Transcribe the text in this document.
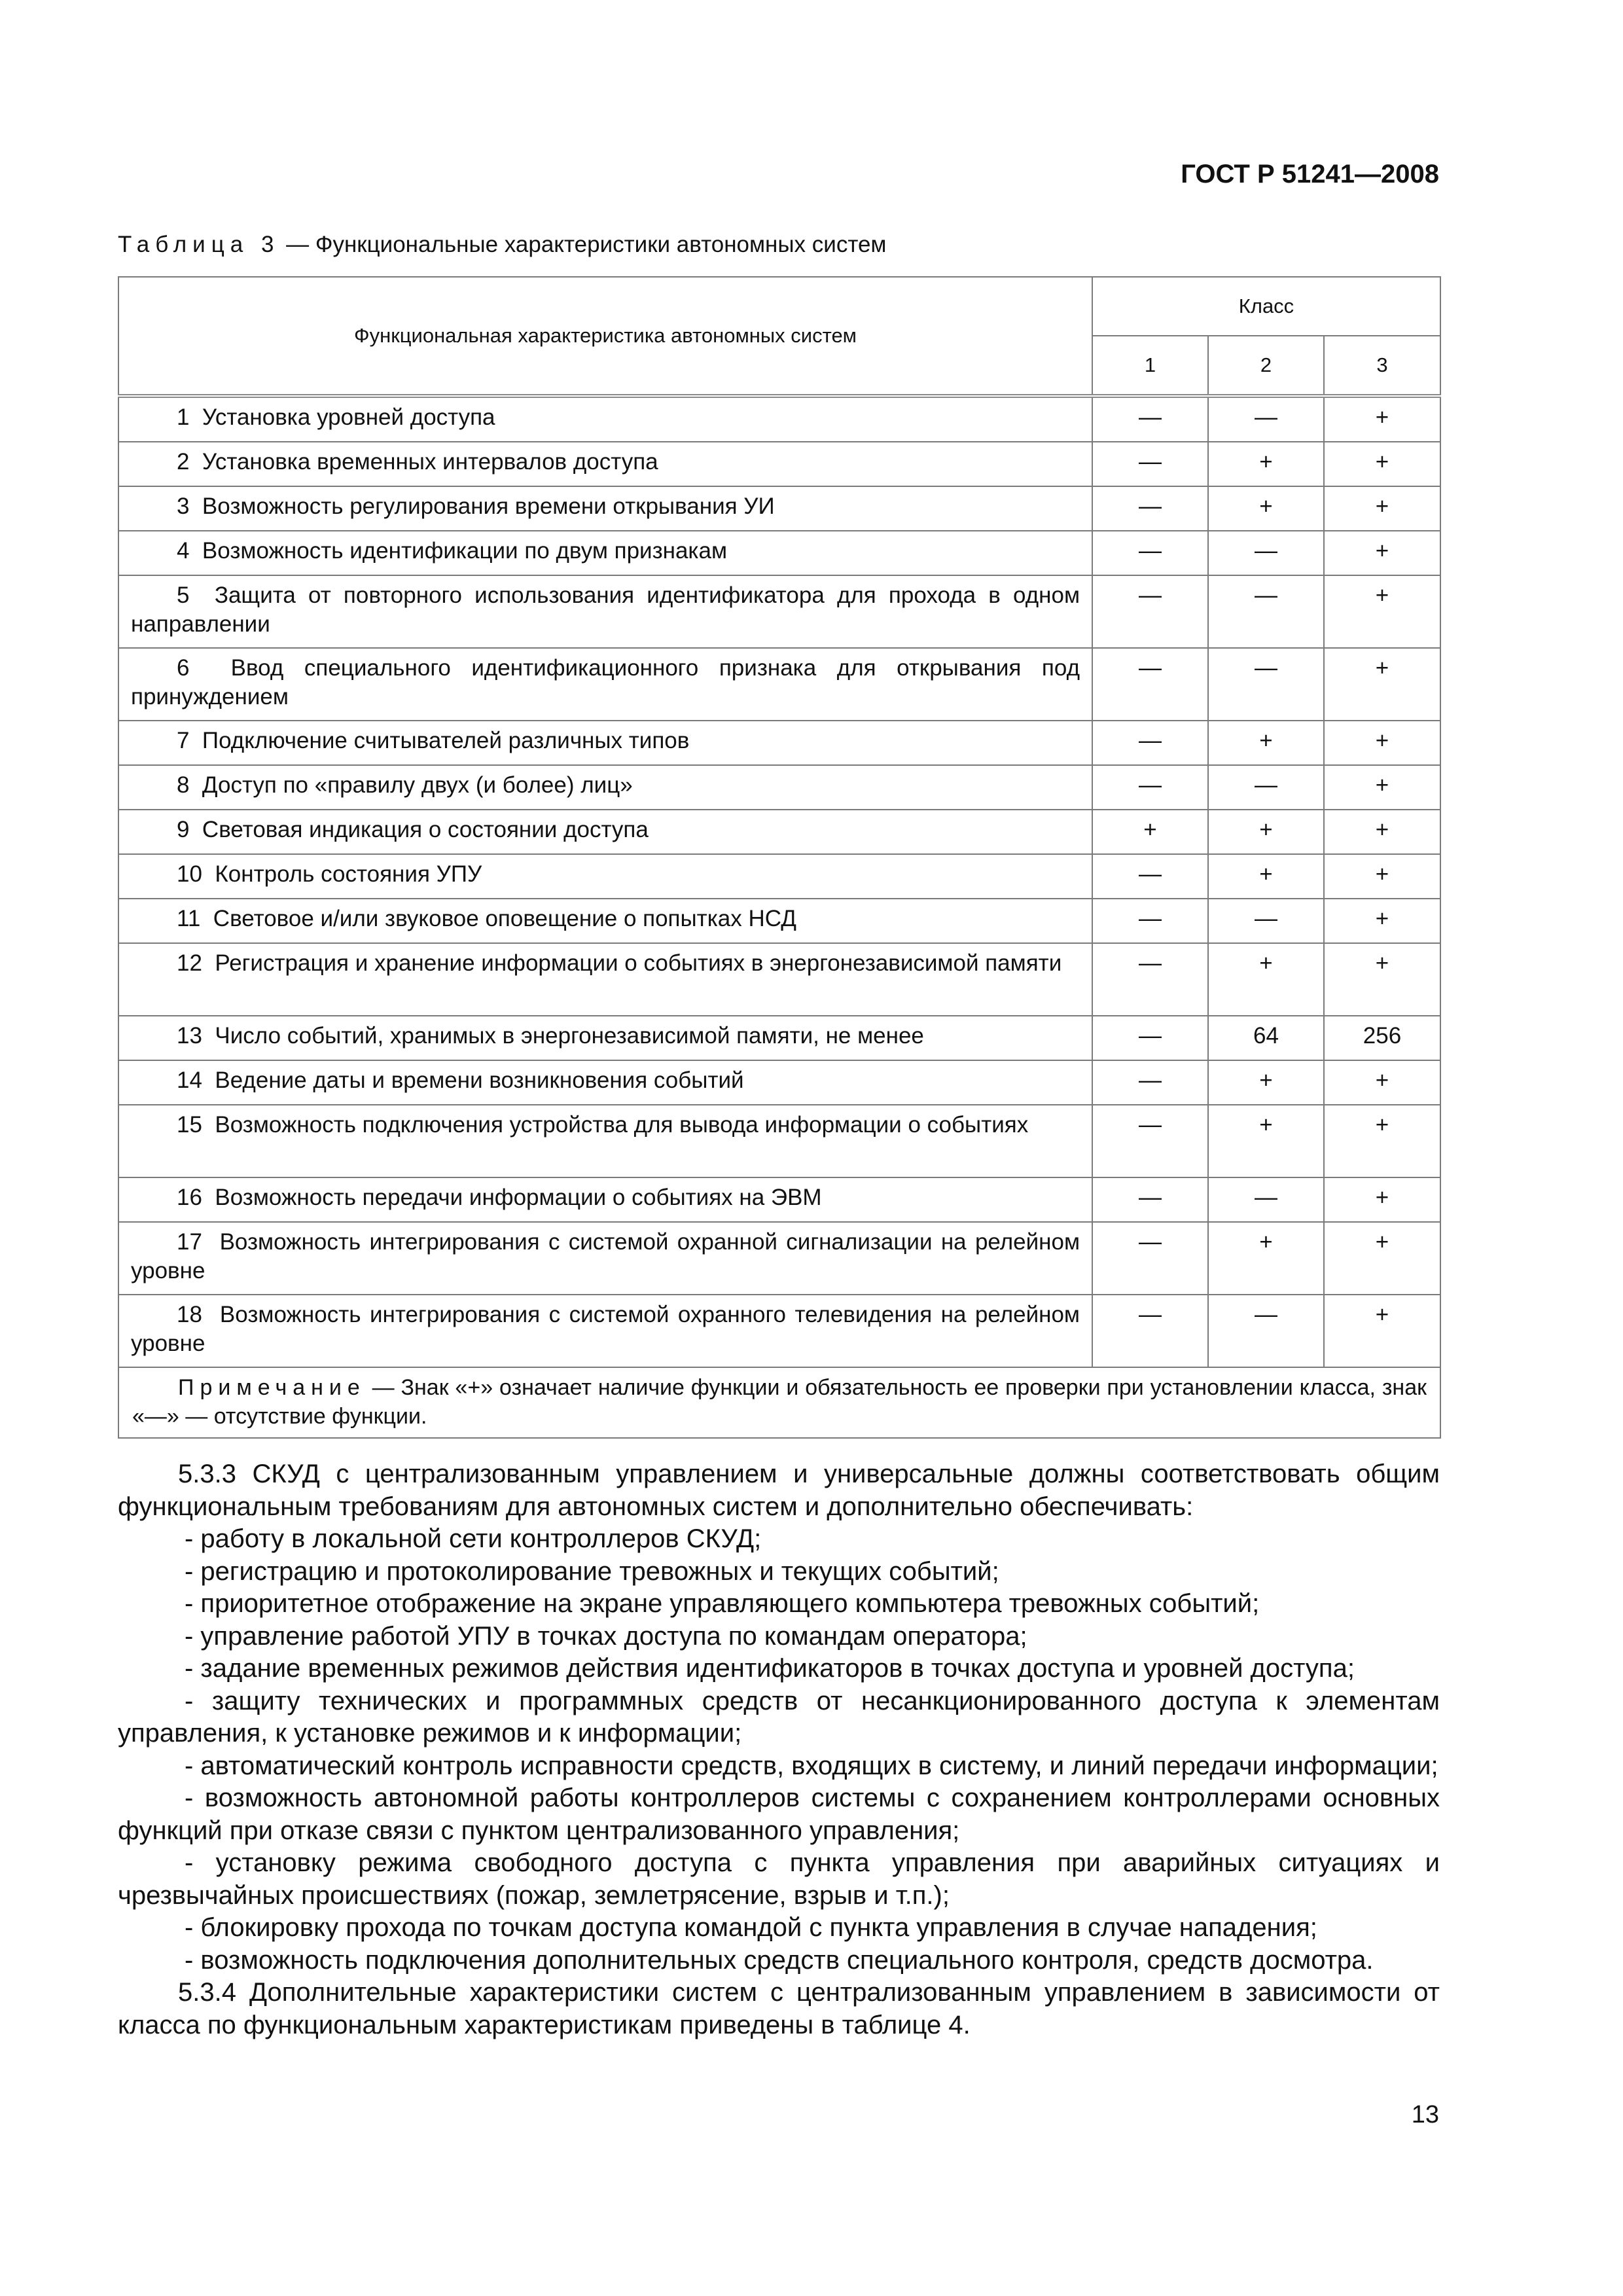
ГОСТ Р 51241—2008
Таблица 3 — Функциональные характеристики автономных систем
Функциональная характеристика автономных систем	Класс		
	1	2	3
1 Установка уровней доступа	—	—	+
2 Установка временных интервалов доступа	—	+	+
3 Возможность регулирования времени открывания УИ	—	+	+
4 Возможность идентификации по двум признакам	—	—	+
5 Защита от повторного использования идентификатора для прохода в одном направлении	—	—	+
6 Ввод специального идентификационного признака для открывания под принуждением	—	—	+
7 Подключение считывателей различных типов	—	+	+
8 Доступ по «правилу двух (и более) лиц»	—	—	+
9 Световая индикация о состоянии доступа	+	+	+
10 Контроль состояния УПУ	—	+	+
11 Световое и/или звуковое оповещение о попытках НСД	—	—	+
12 Регистрация и хранение информации о событиях в энергонезависимой памяти	—	+	+
13 Число событий, хранимых в энергонезависимой памяти, не менее	—	64	256
14 Ведение даты и времени возникновения событий	—	+	+
15 Возможность подключения устройства для вывода информации о событиях	—	+	+
16 Возможность передачи информации о событиях на ЭВМ	—	—	+
17 Возможность интегрирования с системой охранной сигнализации на релейном уровне	—	+	+
18 Возможность интегрирования с системой охранного телевидения на релейном уровне	—	—	+
Примечание — Знак «+» означает наличие функции и обязательность ее проверки при установлении класса, знак «—» — отсутствие функции.			

5.3.3 СКУД с централизованным управлением и универсальные должны соответствовать общим функциональным требованиям для автономных систем и дополнительно обеспечивать:

- работу в локальной сети контроллеров СКУД;

- регистрацию и протоколирование тревожных и текущих событий;

- приоритетное отображение на экране управляющего компьютера тревожных событий;

- управление работой УПУ в точках доступа по командам оператора;

- задание временных режимов действия идентификаторов в точках доступа и уровней доступа;

- защиту технических и программных средств от несанкционированного доступа к элементам управления, к установке режимов и к информации;

- автоматический контроль исправности средств, входящих в систему, и линий передачи информации;

- возможность автономной работы контроллеров системы с сохранением контроллерами основных функций при отказе связи с пунктом централизованного управления;

- установку режима свободного доступа с пункта управления при аварийных ситуациях и чрезвычайных происшествиях (пожар, землетрясение, взрыв и т.п.);

- блокировку прохода по точкам доступа командой с пункта управления в случае нападения;

- возможность подключения дополнительных средств специального контроля, средств досмотра.

5.3.4 Дополнительные характеристики систем с централизованным управлением в зависимости от класса по функциональным характеристикам приведены в таблице 4.

13
